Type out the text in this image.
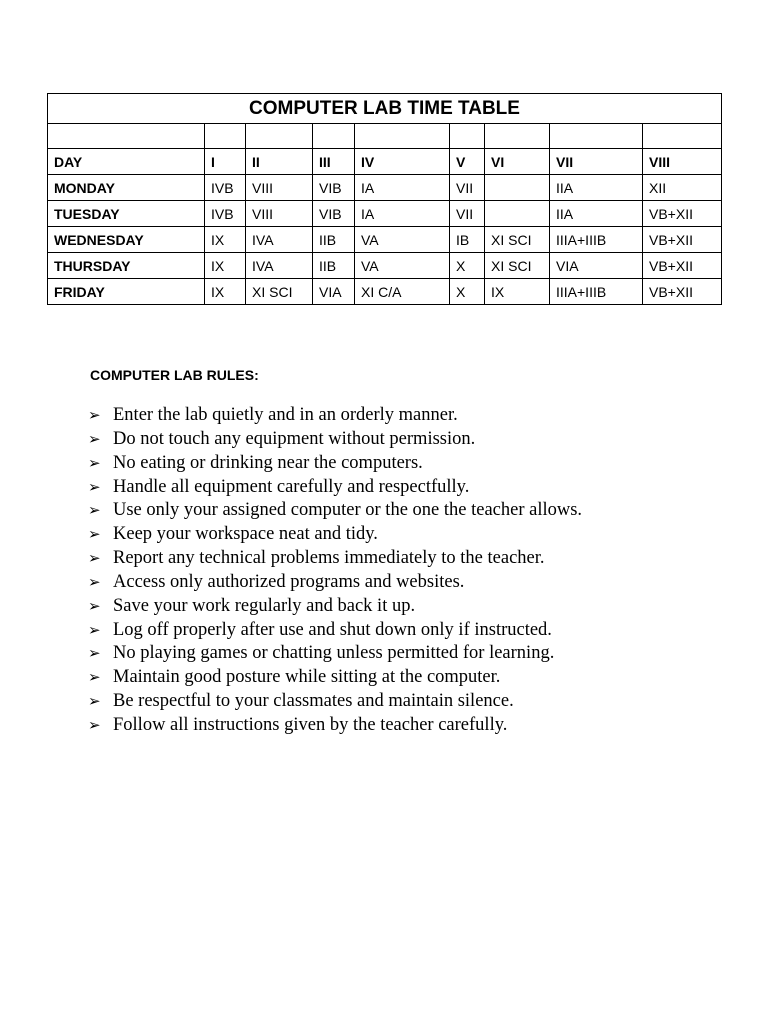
COMPUTER LAB TIME TABLE								

DAY	I	II	III	IV	V	VI	VII	VIII
MONDAY	IVB	VIII	VIB	IA	VII		IIA	XII
TUESDAY	IVB	VIII	VIB	IA	VII		IIA	VB+XII
WEDNESDAY	IX	IVA	IIB	VA	IB	XI SCI	IIIA+IIIB	VB+XII
THURSDAY	IX	IVA	IIB	VA	X	XI SCI	VIA	VB+XII
FRIDAY	IX	XI SCI	VIA	XI C/A	X	IX	IIIA+IIIB	VB+XII
COMPUTER LAB RULES:
➢ Enter the lab quietly and in an orderly manner.
➢ Do not touch any equipment without permission.
➢ No eating or drinking near the computers.
➢ Handle all equipment carefully and respectfully.
➢ Use only your assigned computer or the one the teacher allows.
➢ Keep your workspace neat and tidy.
➢ Report any technical problems immediately to the teacher.
➢ Access only authorized programs and websites.
➢ Save your work regularly and back it up.
➢ Log off properly after use and shut down only if instructed.
➢ No playing games or chatting unless permitted for learning.
➢ Maintain good posture while sitting at the computer.
➢ Be respectful to your classmates and maintain silence.
➢ Follow all instructions given by the teacher carefully.
